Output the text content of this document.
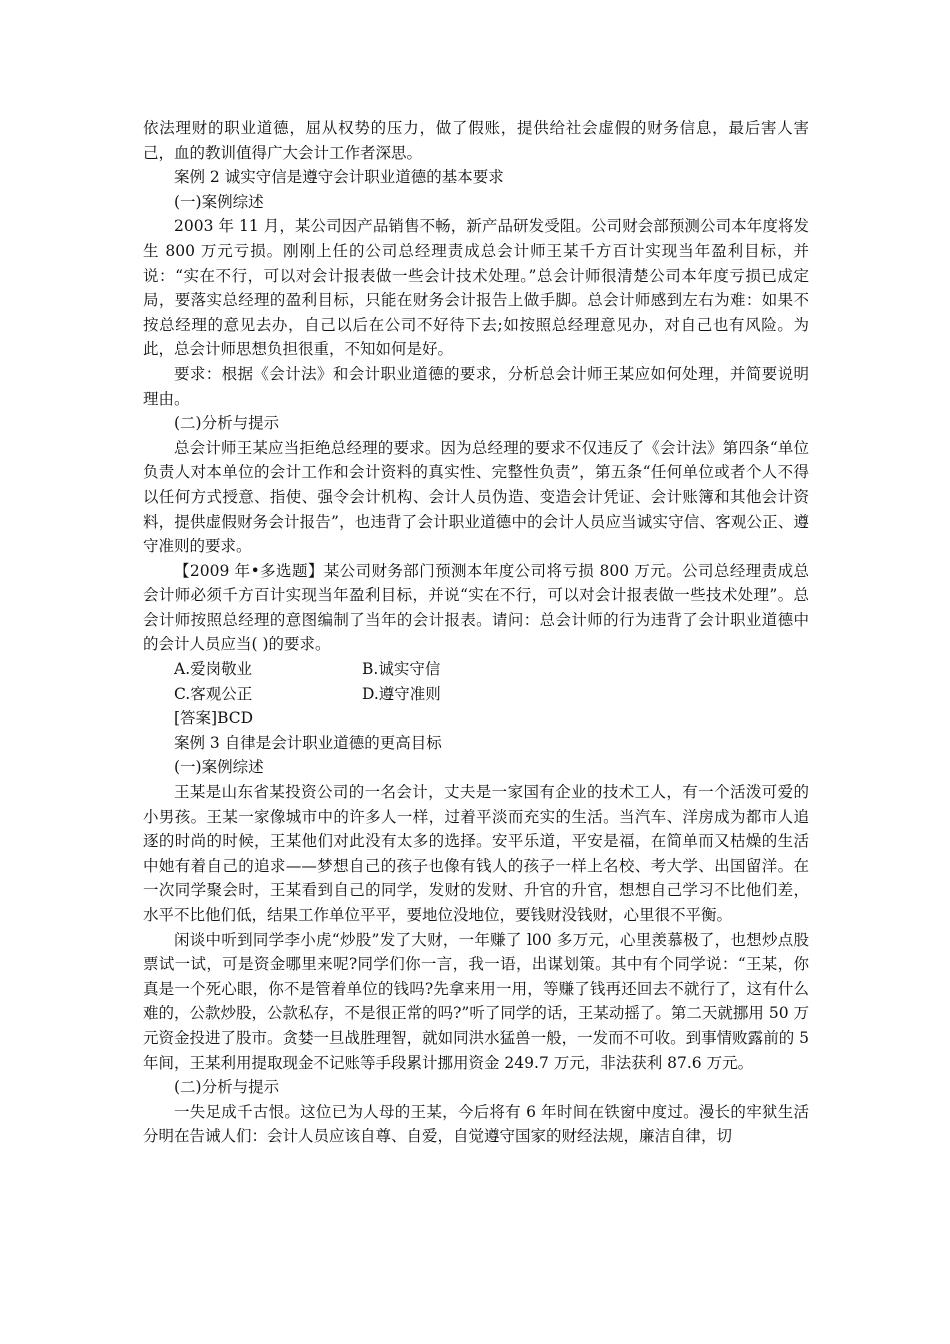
依法理财的职业道德，屈从权势的压力，做了假账，提供给社会虚假的财务信息，最后害人害己，血的教训值得广大会计工作者深思。

案例 2 诚实守信是遵守会计职业道德的基本要求

(一)案例综述

2003 年 11 月，某公司因产品销售不畅，新产品研发受阻。公司财会部预测公司本年度将发生 800 万元亏损。刚刚上任的公司总经理责成总会计师王某千方百计实现当年盈利目标，并说：“实在不行，可以对会计报表做一些会计技术处理。”总会计师很清楚公司本年度亏损已成定局，要落实总经理的盈利目标，只能在财务会计报告上做手脚。总会计师感到左右为难：如果不按总经理的意见去办，自己以后在公司不好待下去;如按照总经理意见办，对自己也有风险。为此，总会计师思想负担很重，不知如何是好。

要求：根据《会计法》和会计职业道德的要求，分析总会计师王某应如何处理，并简要说明理由。

(二)分析与提示

总会计师王某应当拒绝总经理的要求。因为总经理的要求不仅违反了《会计法》第四条“单位负责人对本单位的会计工作和会计资料的真实性、完整性负责”，第五条“任何单位或者个人不得以任何方式授意、指使、强令会计机构、会计人员伪造、变造会计凭证、会计账簿和其他会计资料，提供虚假财务会计报告”，也违背了会计职业道德中的会计人员应当诚实守信、客观公正、遵守准则的要求。

【2009 年•多选题】某公司财务部门预测本年度公司将亏损 800 万元。公司总经理责成总会计师必须千方百计实现当年盈利目标，并说“实在不行，可以对会计报表做一些技术处理”。总会计师按照总经理的意图编制了当年的会计报表。请问：总会计师的行为违背了会计职业道德中的会计人员应当( )的要求。

A.爱岗敬业	B.诚实守信
C.客观公正	D.遵守准则

[答案]BCD

案例 3 自律是会计职业道德的更高目标

(一)案例综述

王某是山东省某投资公司的一名会计，丈夫是一家国有企业的技术工人，有一个活泼可爱的小男孩。王某一家像城市中的许多人一样，过着平淡而充实的生活。当汽车、洋房成为都市人追逐的时尚的时候，王某他们对此没有太多的选择。安平乐道，平安是福，在简单而又枯燥的生活中她有着自己的追求——梦想自己的孩子也像有钱人的孩子一样上名校、考大学、出国留洋。在一次同学聚会时，王某看到自己的同学，发财的发财、升官的升官，想想自己学习不比他们差，水平不比他们低，结果工作单位平平，要地位没地位，要钱财没钱财，心里很不平衡。

闲谈中听到同学李小虎“炒股”发了大财，一年赚了 l00 多万元，心里羡慕极了，也想炒点股票试一试，可是资金哪里来呢?同学们你一言，我一语，出谋划策。其中有个同学说：“王某，你真是一个死心眼，你不是管着单位的钱吗?先拿来用一用，等赚了钱再还回去不就行了，这有什么难的，公款炒股，公款私存，不是很正常的吗?”听了同学的话，王某动摇了。第二天就挪用 50 万元资金投进了股市。贪婪一旦战胜理智，就如同洪水猛兽一般，一发而不可收。到事情败露前的 5 年间，王某利用提取现金不记账等手段累计挪用资金 249.7 万元，非法获利 87.6 万元。

(二)分析与提示

一失足成千古恨。这位已为人母的王某，今后将有 6 年时间在铁窗中度过。漫长的牢狱生活分明在告诫人们：会计人员应该自尊、自爱，自觉遵守国家的财经法规，廉洁自律，切
